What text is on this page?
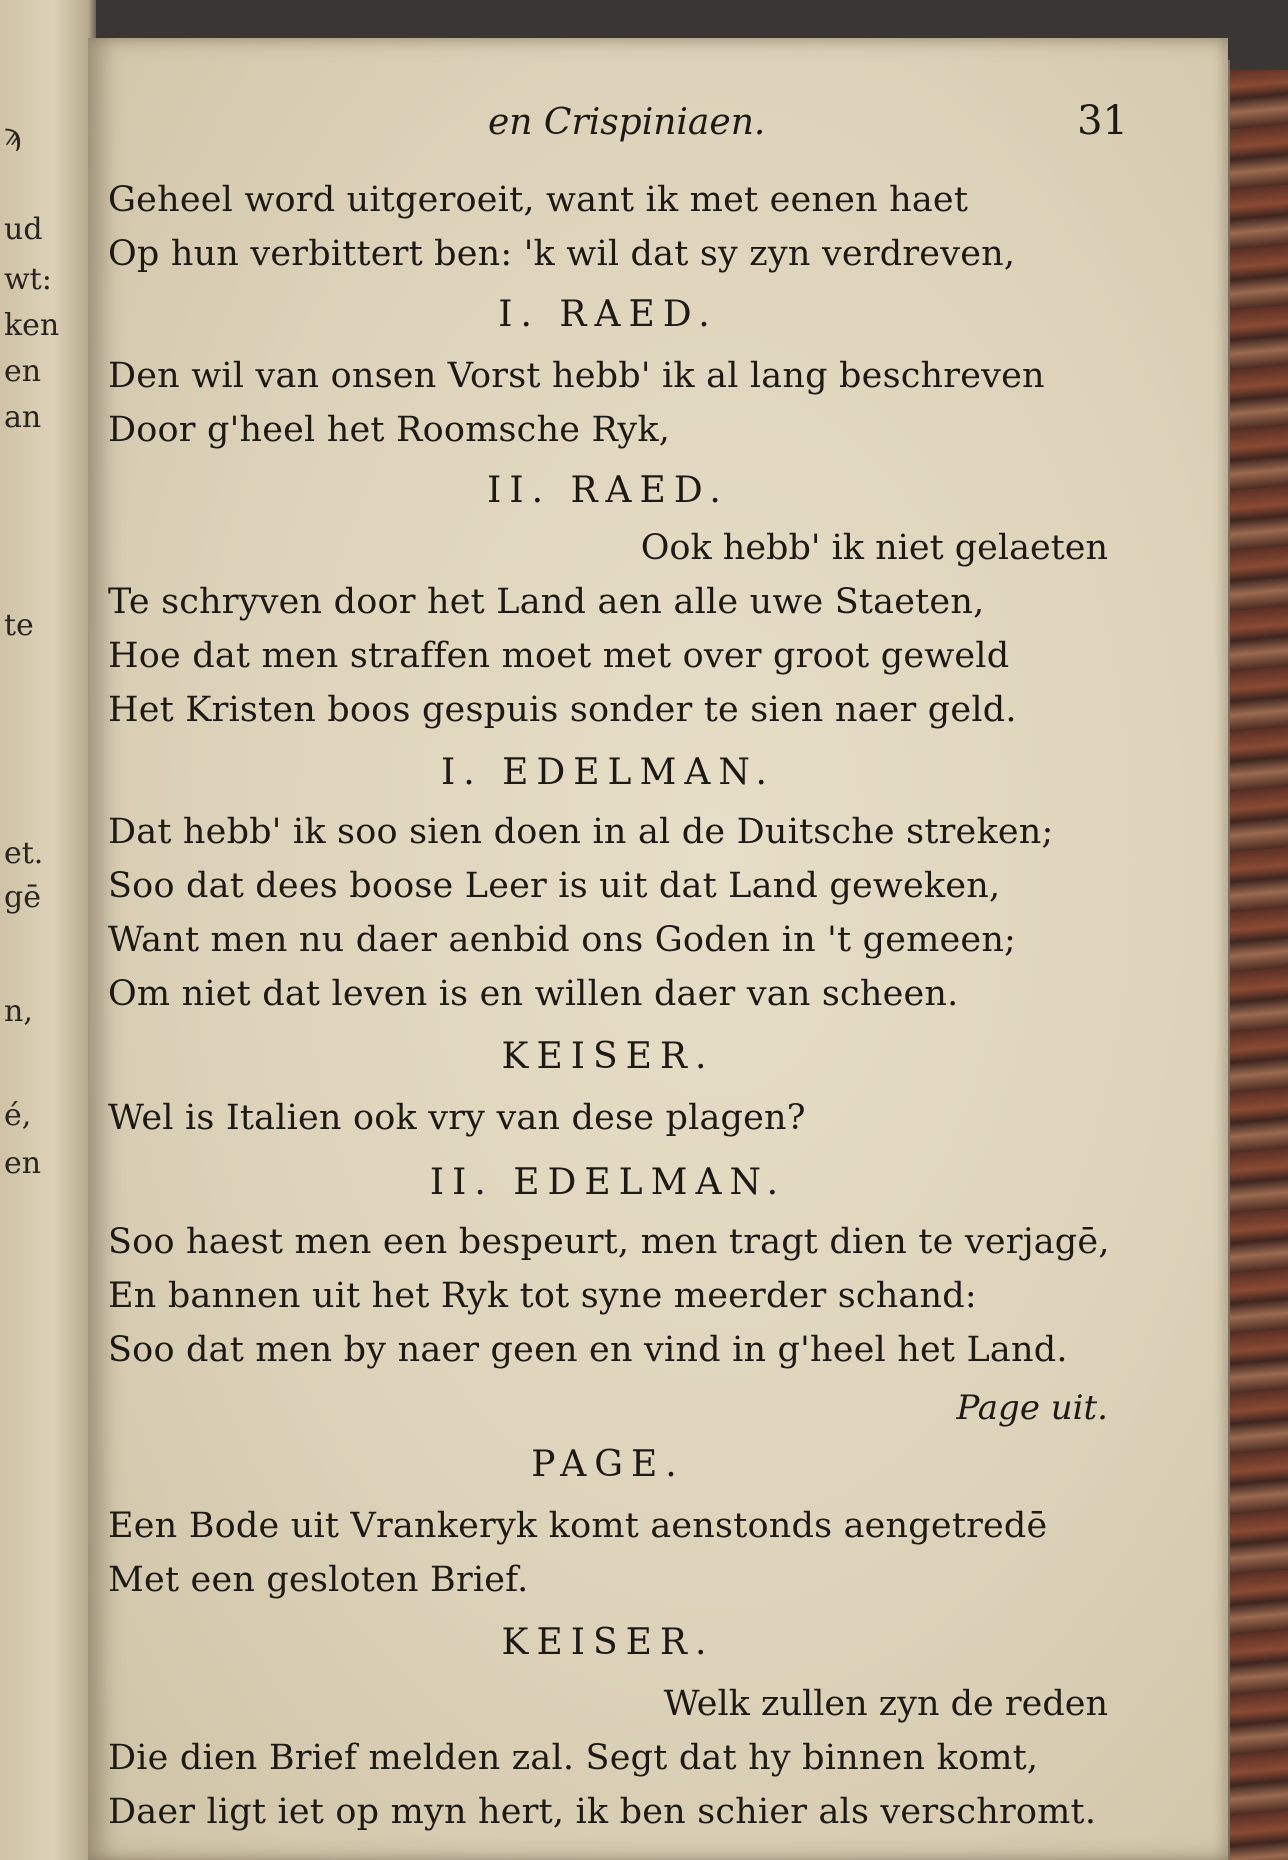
ϡ
ud
wt:
ken
en
an
te
et.
gē
n,
é,
en
en Crispiniaen.	31
Geheel word uitgeroeit, want ik met eenen haet
Op hun verbittert ben: 'k wil dat sy zyn verdreven,
I. RAED.
Den wil van onsen Vorst hebb' ik al lang beschreven
Door g'heel het Roomsche Ryk,
II. RAED.
Ook hebb' ik niet gelaeten
Te schryven door het Land aen alle uwe Staeten,
Hoe dat men straffen moet met over groot geweld
Het Kristen boos gespuis sonder te sien naer geld.
I. EDELMAN.
Dat hebb' ik soo sien doen in al de Duitsche streken;
Soo dat dees boose Leer is uit dat Land geweken,
Want men nu daer aenbid ons Goden in 't gemeen;
Om niet dat leven is en willen daer van scheen.
KEISER.
Wel is Italien ook vry van dese plagen?
II. EDELMAN.
Soo haest men een bespeurt, men tragt dien te verjagē,
En bannen uit het Ryk tot syne meerder schand:
Soo dat men by naer geen en vind in g'heel het Land.
Page uit.
PAGE.
Een Bode uit Vrankeryk komt aenstonds aengetredē
Met een gesloten Brief.
KEISER.
Welk zullen zyn de reden
Die dien Brief melden zal. Segt dat hy binnen komt,
Daer ligt iet op myn hert, ik ben schier als verschromt.
